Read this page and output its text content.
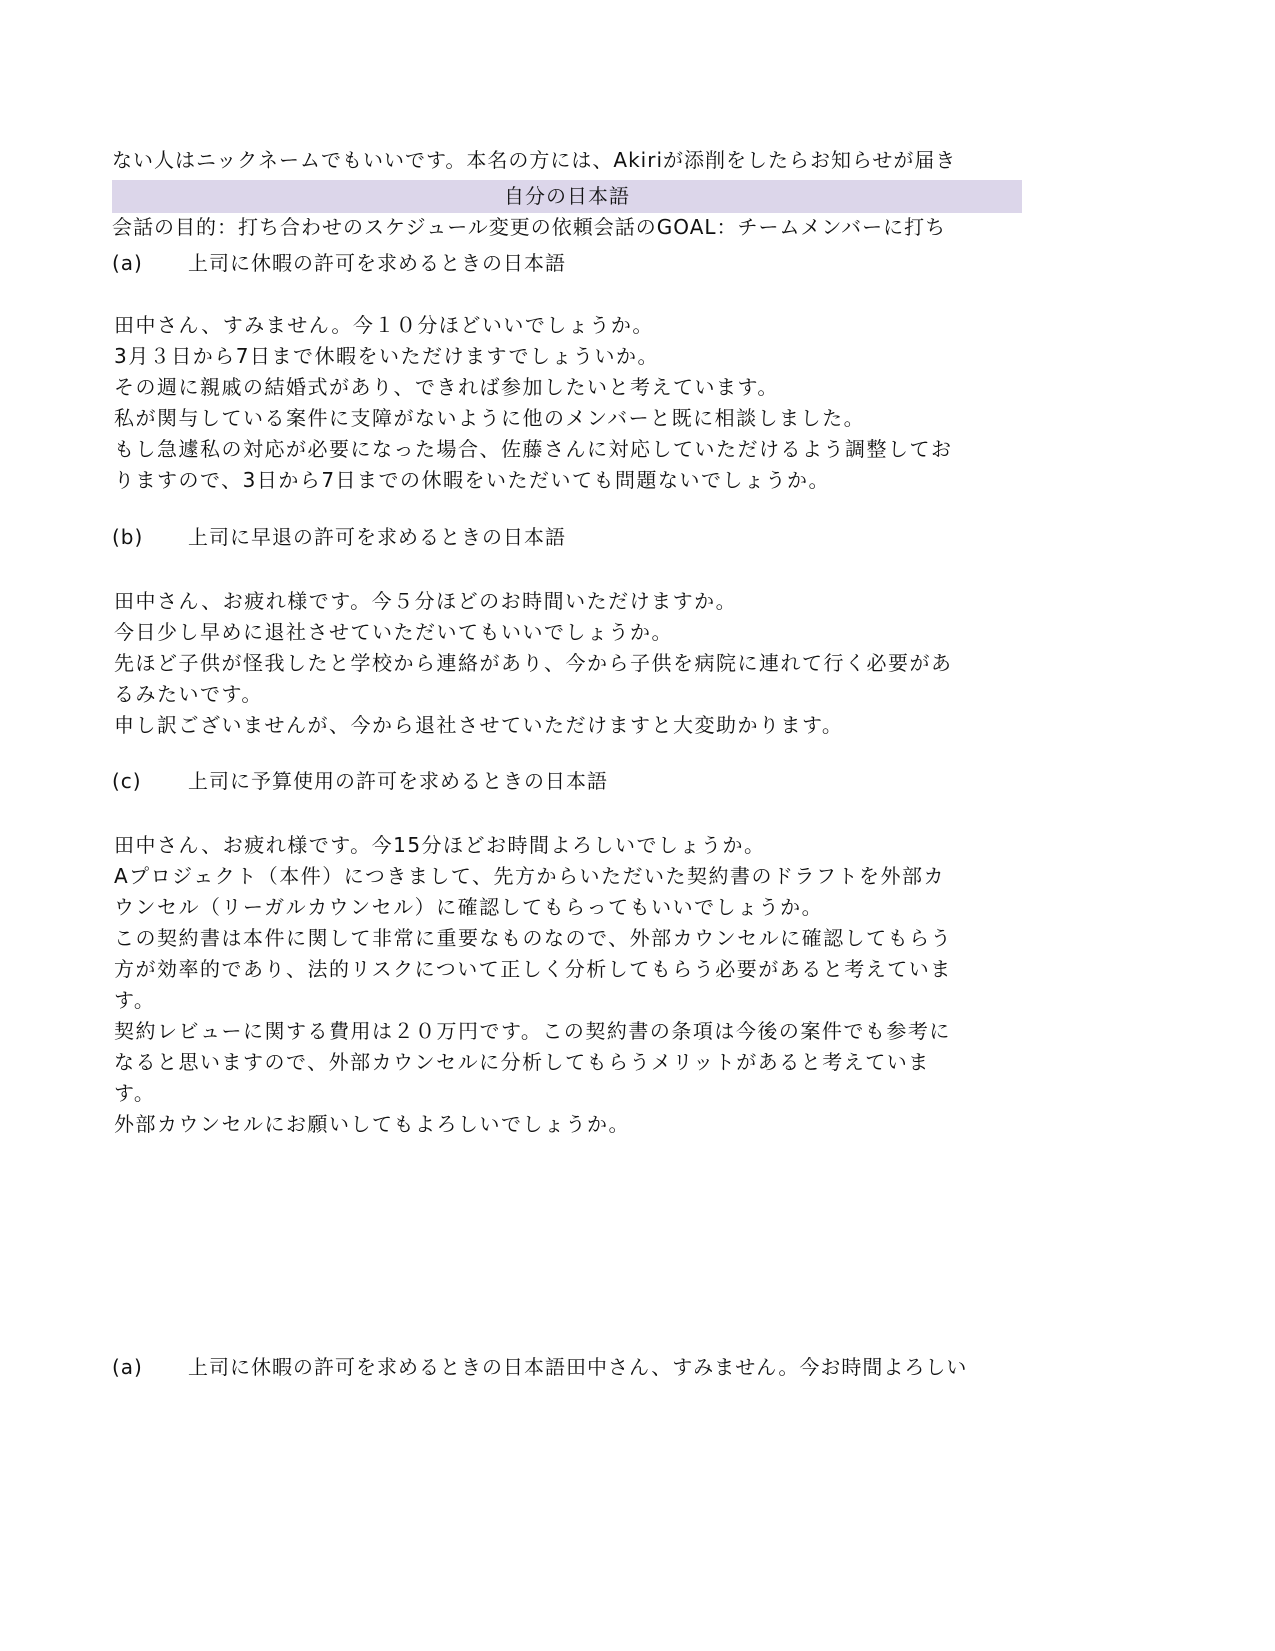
ない人はニックネームでもいいです。本名の方には、Akiriが添削をしたらお知らせが届き
自分の日本語
会話の目的：打ち合わせのスケジュール変更の依頼会話のGOAL：チームメンバーに打ち
(a) 上司に休暇の許可を求めるときの日本語

田中さん、すみません。今１０分ほどいいでしょうか。

3月３日から7日まで休暇をいただけますでしょういか。

その週に親戚の結婚式があり、できれば参加したいと考えています。

私が関与している案件に支障がないように他のメンバーと既に相談しました。

もし急遽私の対応が必要になった場合、佐藤さんに対応していただけるよう調整してお

りますので、3日から7日までの休暇をいただいても問題ないでしょうか。

(b) 上司に早退の許可を求めるときの日本語

田中さん、お疲れ様です。今５分ほどのお時間いただけますか。

今日少し早めに退社させていただいてもいいでしょうか。

先ほど子供が怪我したと学校から連絡があり、今から子供を病院に連れて行く必要があ

るみたいです。

申し訳ございませんが、今から退社させていただけますと大変助かります。

(c) 上司に予算使用の許可を求めるときの日本語

田中さん、お疲れ様です。今15分ほどお時間よろしいでしょうか。

Aプロジェクト（本件）につきまして、先方からいただいた契約書のドラフトを外部カ

ウンセル（リーガルカウンセル）に確認してもらってもいいでしょうか。

この契約書は本件に関して非常に重要なものなので、外部カウンセルに確認してもらう

方が効率的であり、法的リスクについて正しく分析してもらう必要があると考えていま

す。

契約レビューに関する費用は２０万円です。この契約書の条項は今後の案件でも参考に

なると思いますので、外部カウンセルに分析してもらうメリットがあると考えていま

す。

外部カウンセルにお願いしてもよろしいでしょうか。

(a) 上司に休暇の許可を求めるときの日本語田中さん、すみません。今お時間よろしい
